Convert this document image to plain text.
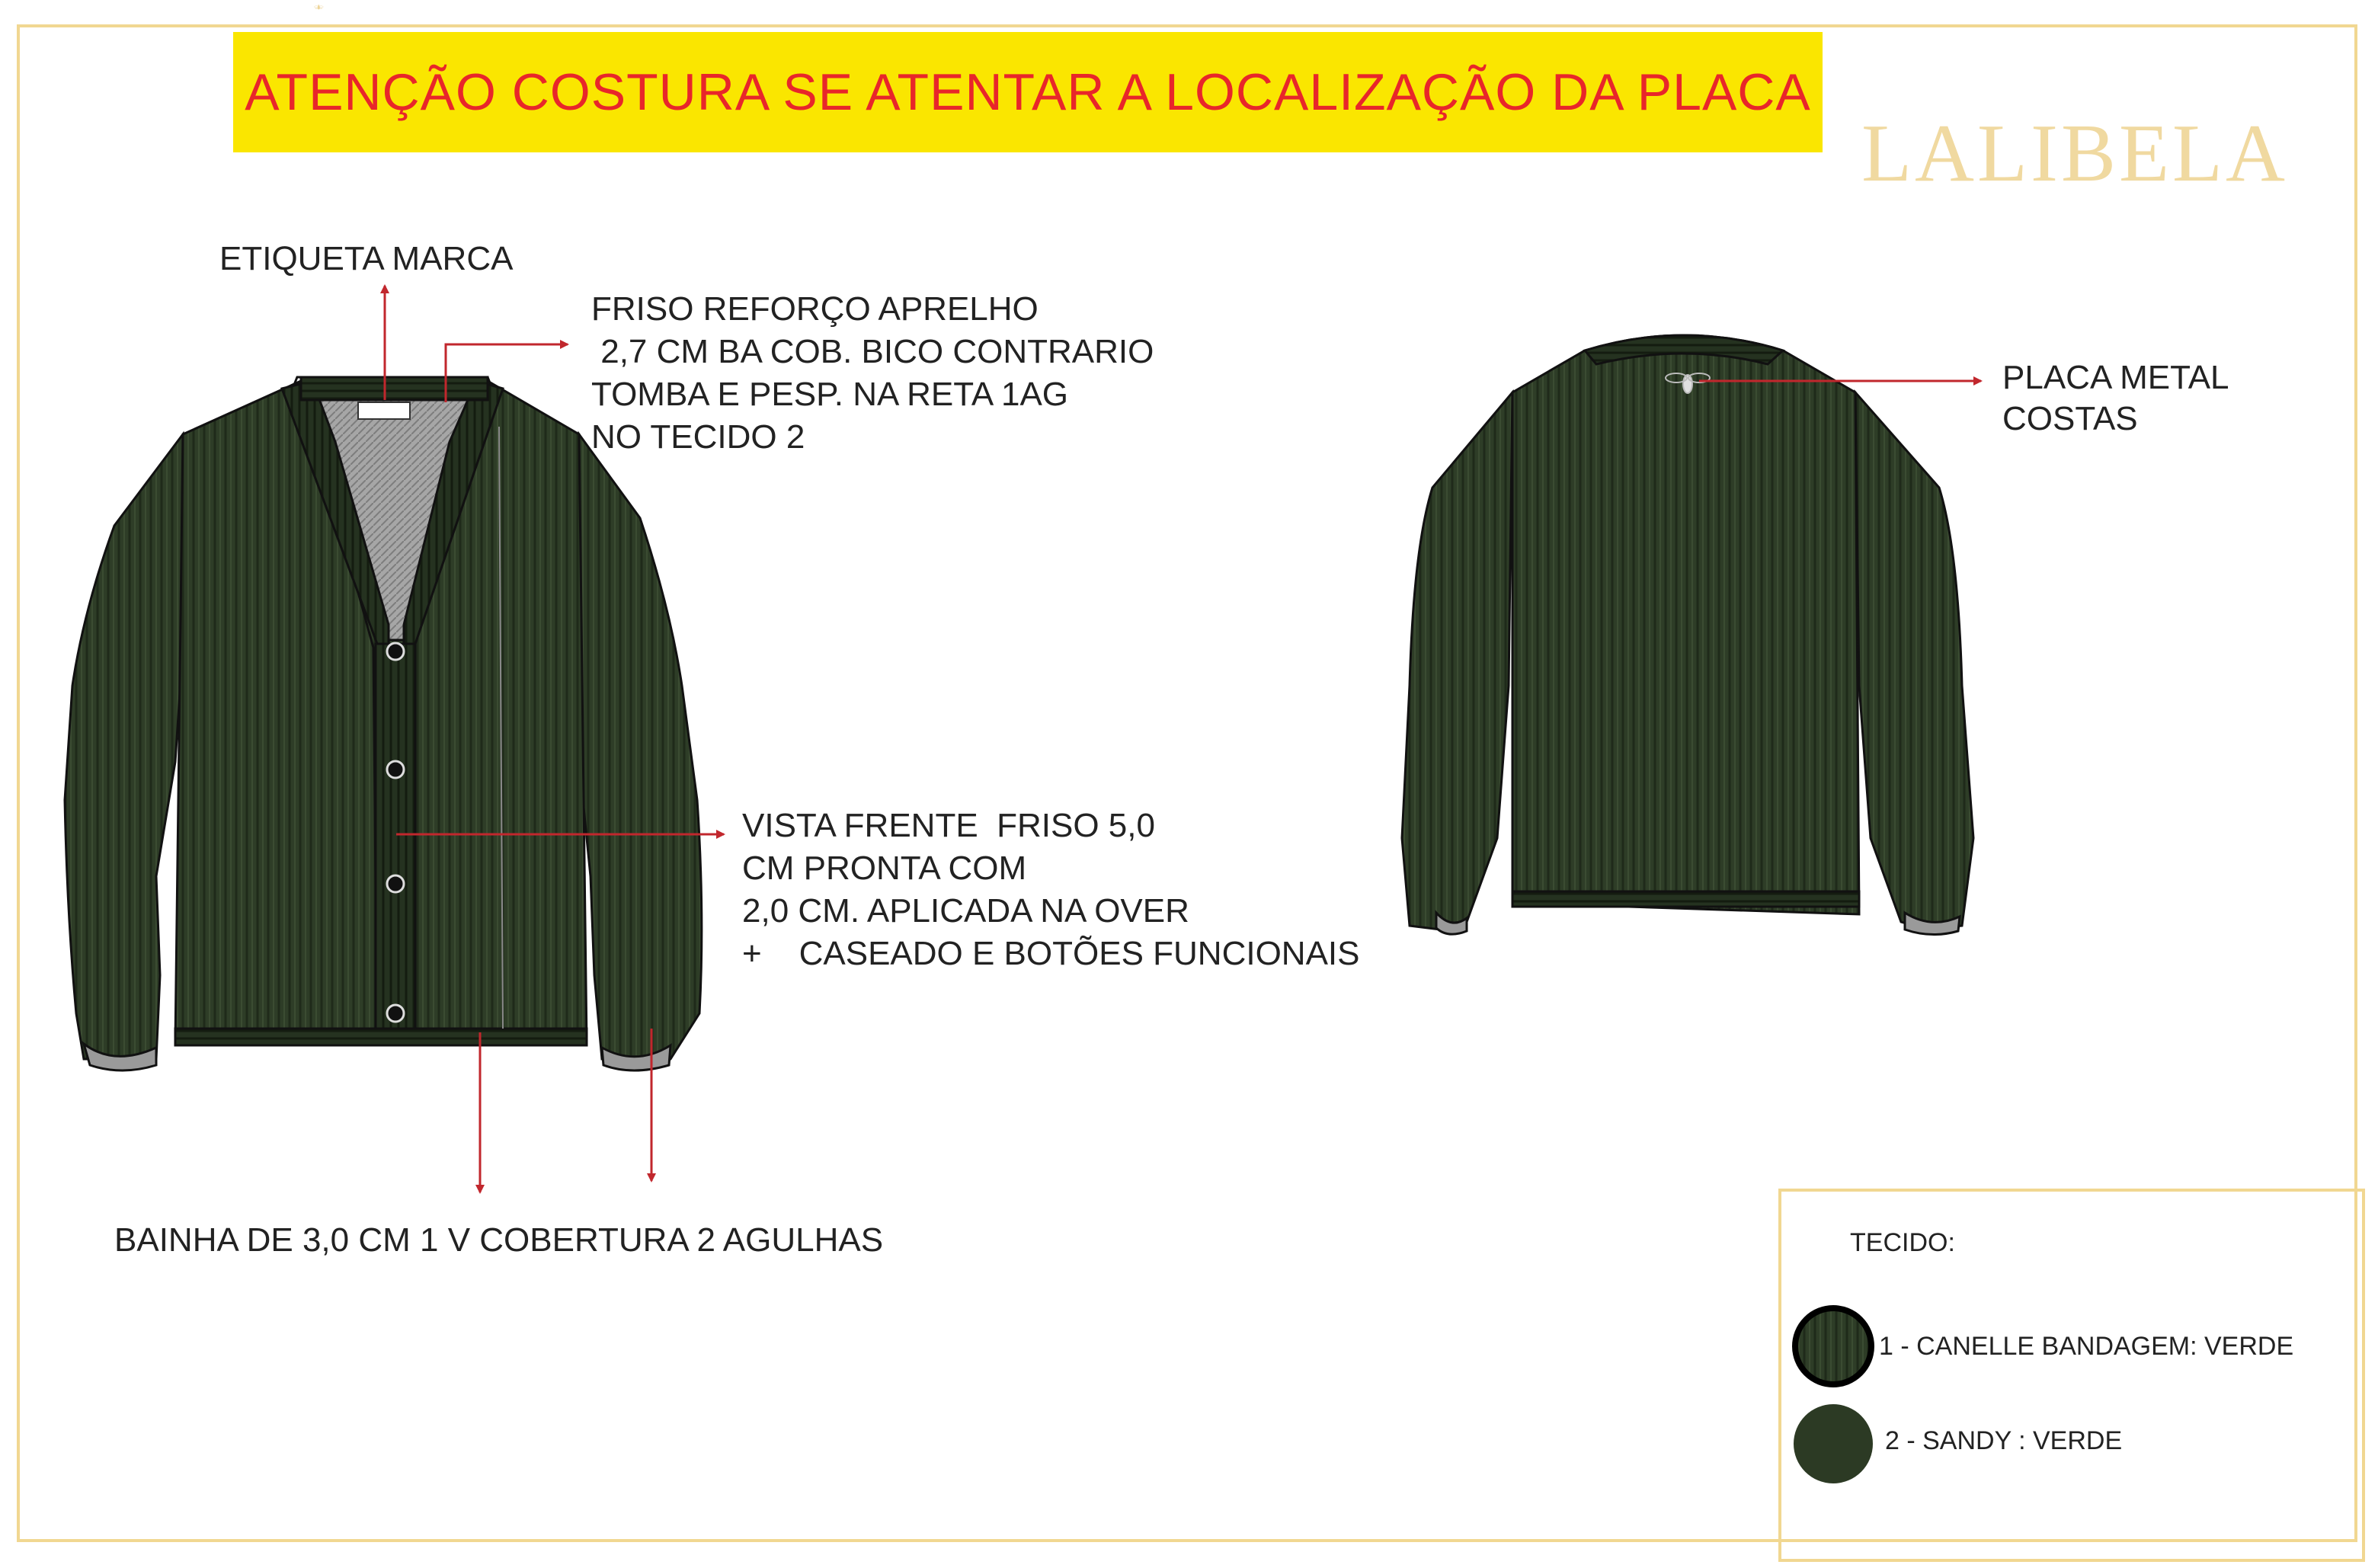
ATENÇÃO COSTURA SE ATENTAR A LOCALIZAÇÃO DA PLACA
LALIBELA
ETIQUETA MARCA
FRISO REFORÇO APRELHO
2,7 CM BA COB. BICO CONTRARIO
TOMBA E PESP. NA RETA 1AG
NO TECIDO 2
VISTA FRENTE  FRISO 5,0
CM PRONTA COM
2,0 CM. APLICADA NA OVER
+    CASEADO E BOTÕES FUNCIONAIS
BAINHA DE 3,0 CM 1 V COBERTURA 2 AGULHAS
PLACA METAL
COSTAS
TECIDO:
1 - CANELLE BANDAGEM: VERDE
2 - SANDY : VERDE
